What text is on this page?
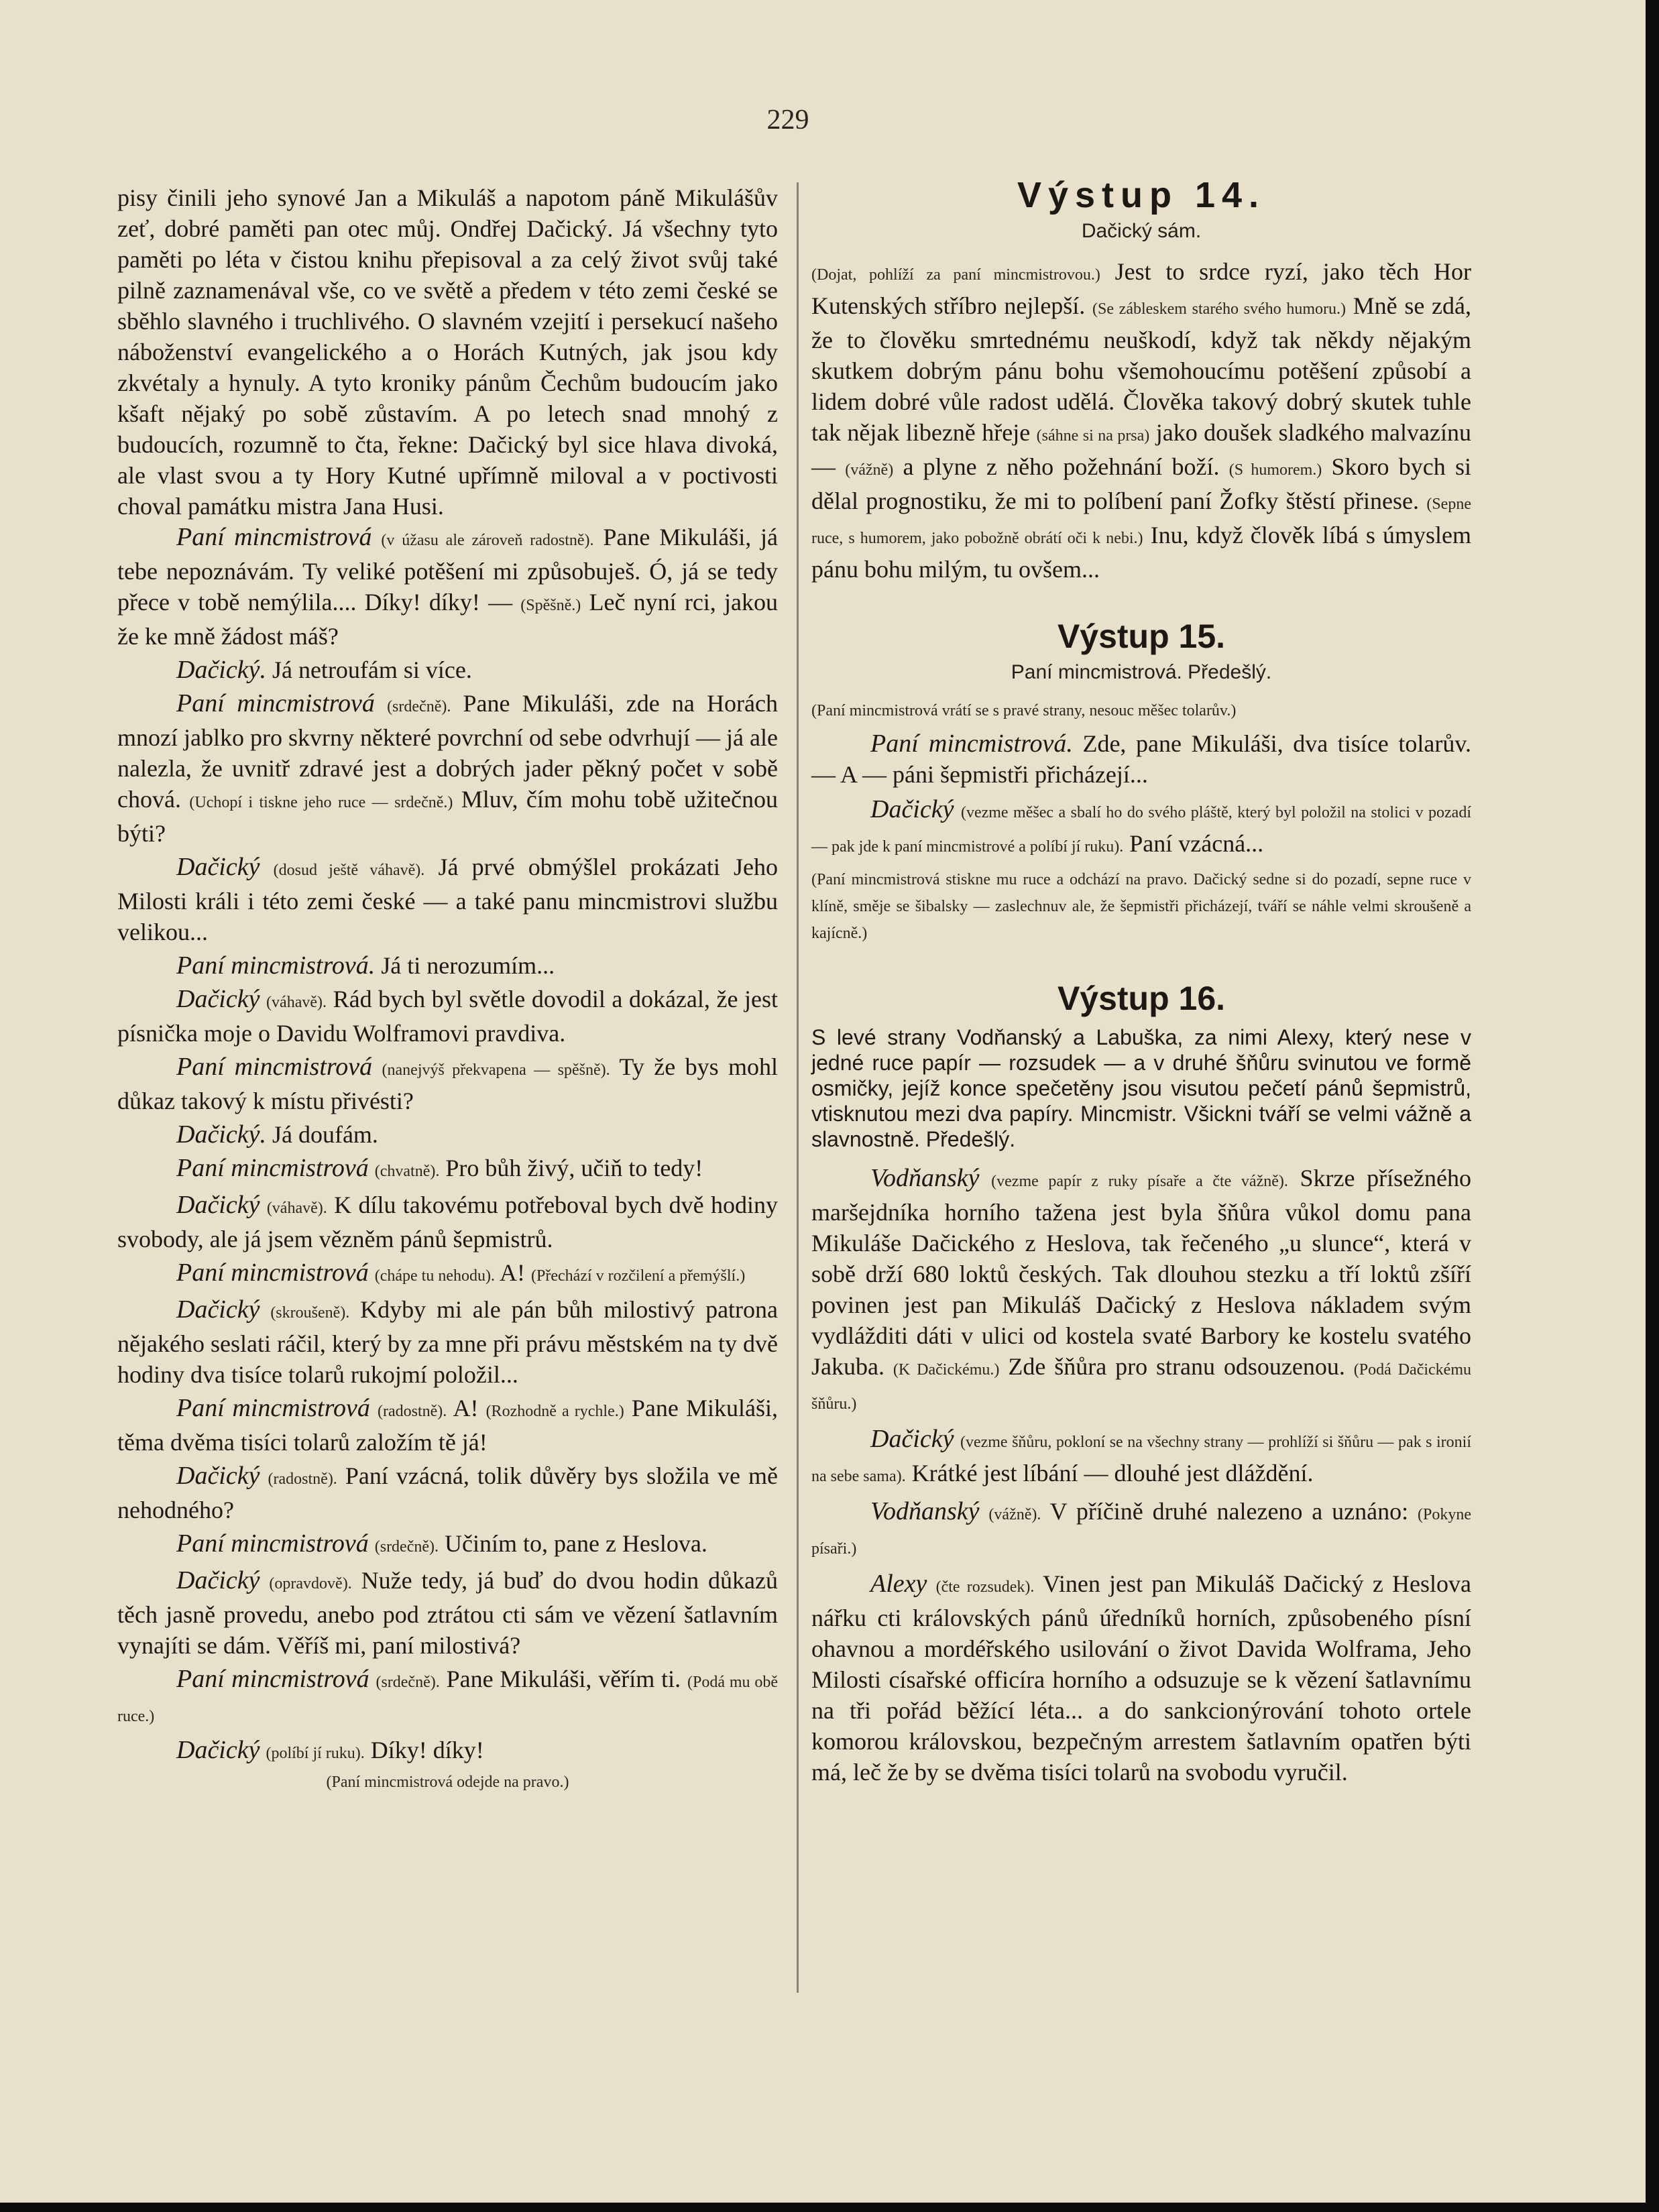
229

pisy činili jeho synové Jan a Mikuláš a napotom páně Mikulášův zeť, dobré paměti pan otec můj. Ondřej Dačický. Já všechny tyto paměti po léta v čistou knihu přepisoval a za celý život svůj také pilně zaznamenával vše, co ve světě a předem v této zemi české se sběhlo slavného i truchlivého. O slavném vzejití i persekucí našeho náboženství evangelického a o Horách Kutných, jak jsou kdy zkvétaly a hynuly. A tyto kroniky pánům Čechům budoucím jako kšaft nějaký po sobě zůstavím. A po letech snad mnohý z budoucích, rozumně to čta, řekne: Dačický byl sice hlava divoká, ale vlast svou a ty Hory Kutné upřímně miloval a v poctivosti choval památku mistra Jana Husi.

Paní mincmistrová (v úžasu ale zároveň radostně). Pane Mikuláši, já tebe nepoznávám. Ty veliké potěšení mi způsobuješ. Ó, já se tedy přece v tobě nemýlila.... Díky! díky! — (Spěšně.) Leč nyní rci, jakou že ke mně žádost máš?

Dačický. Já netroufám si více.

Paní mincmistrová (srdečně). Pane Mikuláši, zde na Horách mnozí jablko pro skvrny některé povrchní od sebe odvrhují — já ale nalezla, že uvnitř zdravé jest a dobrých jader pěkný počet v sobě chová. (Uchopí i tiskne jeho ruce — srdečně.) Mluv, čím mohu tobě užitečnou býti?

Dačický (dosud ještě váhavě). Já prvé obmýšlel prokázati Jeho Milosti králi i této zemi české — a také panu mincmistrovi službu velikou...

Paní mincmistrová. Já ti nerozumím...

Dačický (váhavě). Rád bych byl světle dovodil a dokázal, že jest písnička moje o Davidu Wolframovi pravdiva.

Paní mincmistrová (nanejvýš překvapena — spěšně). Ty že bys mohl důkaz takový k místu přivésti?

Dačický. Já doufám.

Paní mincmistrová (chvatně). Pro bůh živý, učiň to tedy!

Dačický (váhavě). K dílu takovému potřeboval bych dvě hodiny svobody, ale já jsem vězněm pánů šepmistrů.

Paní mincmistrová (chápe tu nehodu). A! (Přechází v rozčilení a přemýšlí.)

Dačický (skroušeně). Kdyby mi ale pán bůh milostivý patrona nějakého seslati ráčil, který by za mne při právu městském na ty dvě hodiny dva tisíce tolarů rukojmí položil...

Paní mincmistrová (radostně). A! (Rozhodně a rychle.) Pane Mikuláši, těma dvěma tisíci tolarů založím tě já!

Dačický (radostně). Paní vzácná, tolik důvěry bys složila ve mě nehodného?

Paní mincmistrová (srdečně). Učiním to, pane z Heslova.

Dačický (opravdově). Nuže tedy, já buď do dvou hodin důkazů těch jasně provedu, anebo pod ztrátou cti sám ve vězení šatlavním vynajíti se dám. Věříš mi, paní milostivá?

Paní mincmistrová (srdečně). Pane Mikuláši, věřím ti. (Podá mu obě ruce.)

Dačický (políbí jí ruku). Díky! díky!

(Paní mincmistrová odejde na pravo.)

Výstup 14.
Dačický sám.

(Dojat, pohlíží za paní mincmistrovou.) Jest to srdce ryzí, jako těch Hor Kutenských stříbro nejlepší. (Se zábleskem starého svého humoru.) Mně se zdá, že to člověku smrtednému neuškodí, když tak někdy nějakým skutkem dobrým pánu bohu všemohoucímu potěšení způsobí a lidem dobré vůle radost udělá. Člověka takový dobrý skutek tuhle tak nějak libezně hřeje (sáhne si na prsa) jako doušek sladkého malvazínu — (vážně) a plyne z něho požehnání boží. (S humorem.) Skoro bych si dělal prognostiku, že mi to políbení paní Žofky štěstí přinese. (Sepne ruce, s humorem, jako pobožně obrátí oči k nebi.) Inu, když člověk líbá s úmyslem pánu bohu milým, tu ovšem...

Výstup 15.
Paní mincmistrová. Předešlý.

(Paní mincmistrová vrátí se s pravé strany, nesouc měšec tolarův.)

Paní mincmistrová. Zde, pane Mikuláši, dva tisíce tolarův. — A — páni šepmistři přicházejí...

Dačický (vezme měšec a sbalí ho do svého pláště, který byl položil na stolici v pozadí — pak jde k paní mincmistrové a políbí jí ruku). Paní vzácná...

(Paní mincmistrová stiskne mu ruce a odchází na pravo. Dačický sedne si do pozadí, sepne ruce v klíně, směje se šibalsky — zaslechnuv ale, že šepmistři přicházejí, tváří se náhle velmi skroušeně a kajícně.)

Výstup 16.

S levé strany Vodňanský a Labuška, za nimi Alexy, který nese v jedné ruce papír — rozsudek — a v druhé šňůru svinutou ve formě osmičky, jejíž konce spečetěny jsou visutou pečetí pánů šepmistrů, vtisknutou mezi dva papíry. Mincmistr. Všickni tváří se velmi vážně a slavnostně. Předešlý.

Vodňanský (vezme papír z ruky písaře a čte vážně). Skrze přísežného maršejdníka horního tažena jest byla šňůra vůkol domu pana Mikuláše Dačického z Heslova, tak řečeného „u slunce“, která v sobě drží 680 loktů českých. Tak dlouhou stezku a tří loktů zšíří povinen jest pan Mikuláš Dačický z Heslova nákladem svým vydlážditi dáti v ulici od kostela svaté Barbory ke kostelu svatého Jakuba. (K Dačickému.) Zde šňůra pro stranu odsouzenou. (Podá Dačickému šňůru.)

Dačický (vezme šňůru, pokloní se na všechny strany — prohlíží si šňůru — pak s ironií na sebe sama). Krátké jest líbání — dlouhé jest dláždění.

Vodňanský (vážně). V příčině druhé nalezeno a uznáno: (Pokyne písaři.)

Alexy (čte rozsudek). Vinen jest pan Mikuláš Dačický z Heslova nářku cti královských pánů úředníků horních, způsobeného písní ohavnou a mordéřského usilování o život Davida Wolframa, Jeho Milosti císařské officíra horního a odsuzuje se k vězení šatlavnímu na tři pořád běžící léta... a do sankcionýrování tohoto ortele komorou královskou, bezpečným arrestem šatlavním opatřen býti má, leč že by se dvěma tisíci tolarů na svobodu vyručil.
